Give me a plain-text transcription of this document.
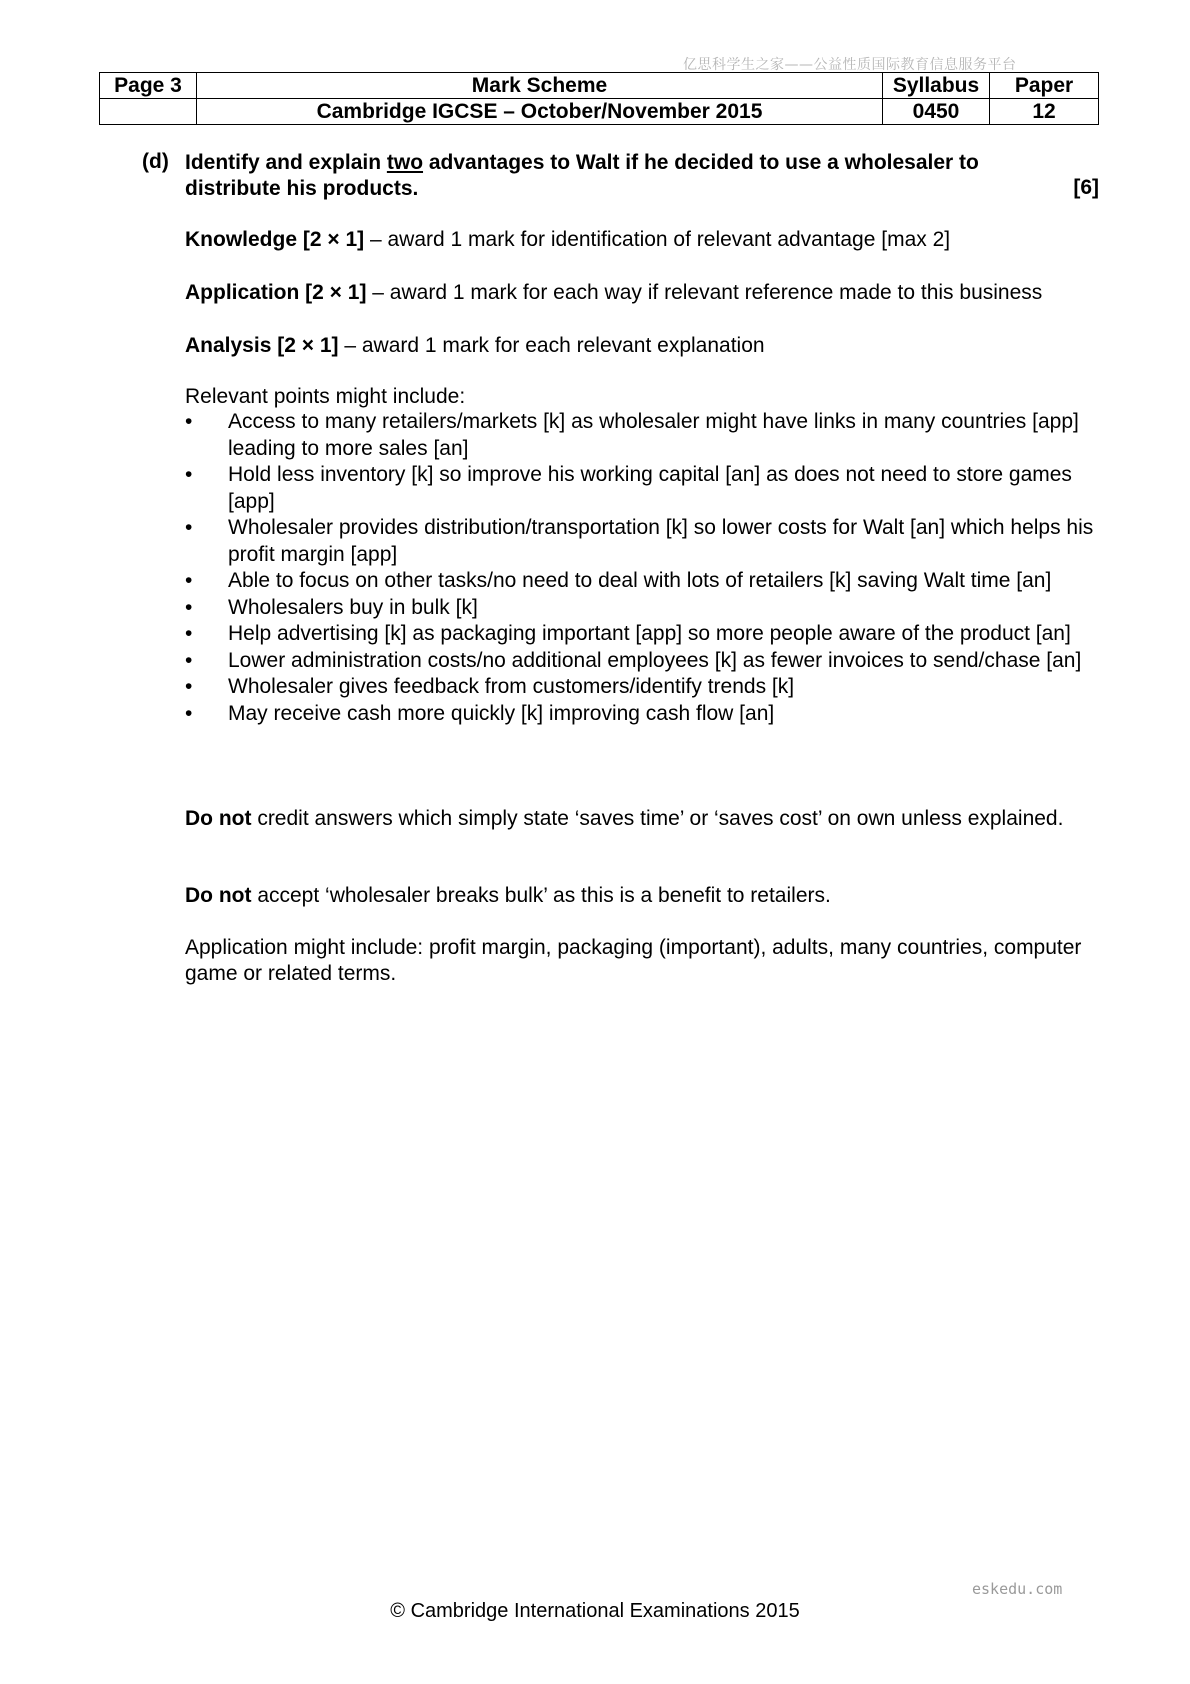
亿思科学生之家——公益性质国际教育信息服务平台
Page 3	Mark Scheme	Syllabus	Paper
	Cambridge IGCSE – October/November 2015	0450	12
(d) Identify and explain two advantages to Walt if he decided to use a wholesaler to distribute his products.	[6]
Knowledge [2 × 1] – award 1 mark for identification of relevant advantage [max 2]
Application [2 × 1] – award 1 mark for each way if relevant reference made to this business
Analysis [2 × 1] – award 1 mark for each relevant explanation
Relevant points might include:
• Access to many retailers/markets [k] as wholesaler might have links in many countries [app] leading to more sales [an]
• Hold less inventory [k] so improve his working capital [an] as does not need to store games [app]
• Wholesaler provides distribution/transportation [k] so lower costs for Walt [an] which helps his profit margin [app]
• Able to focus on other tasks/no need to deal with lots of retailers [k] saving Walt time [an]
• Wholesalers buy in bulk [k]
• Help advertising [k] as packaging important [app] so more people aware of the product [an]
• Lower administration costs/no additional employees [k] as fewer invoices to send/chase [an]
• Wholesaler gives feedback from customers/identify trends [k]
• May receive cash more quickly [k] improving cash flow [an]
Do not credit answers which simply state ‘saves time’ or ‘saves cost’ on own unless explained.
Do not accept ‘wholesaler breaks bulk’ as this is a benefit to retailers.
Application might include: profit margin, packaging (important), adults, many countries, computer game or related terms.
eskedu.com
© Cambridge International Examinations 2015
